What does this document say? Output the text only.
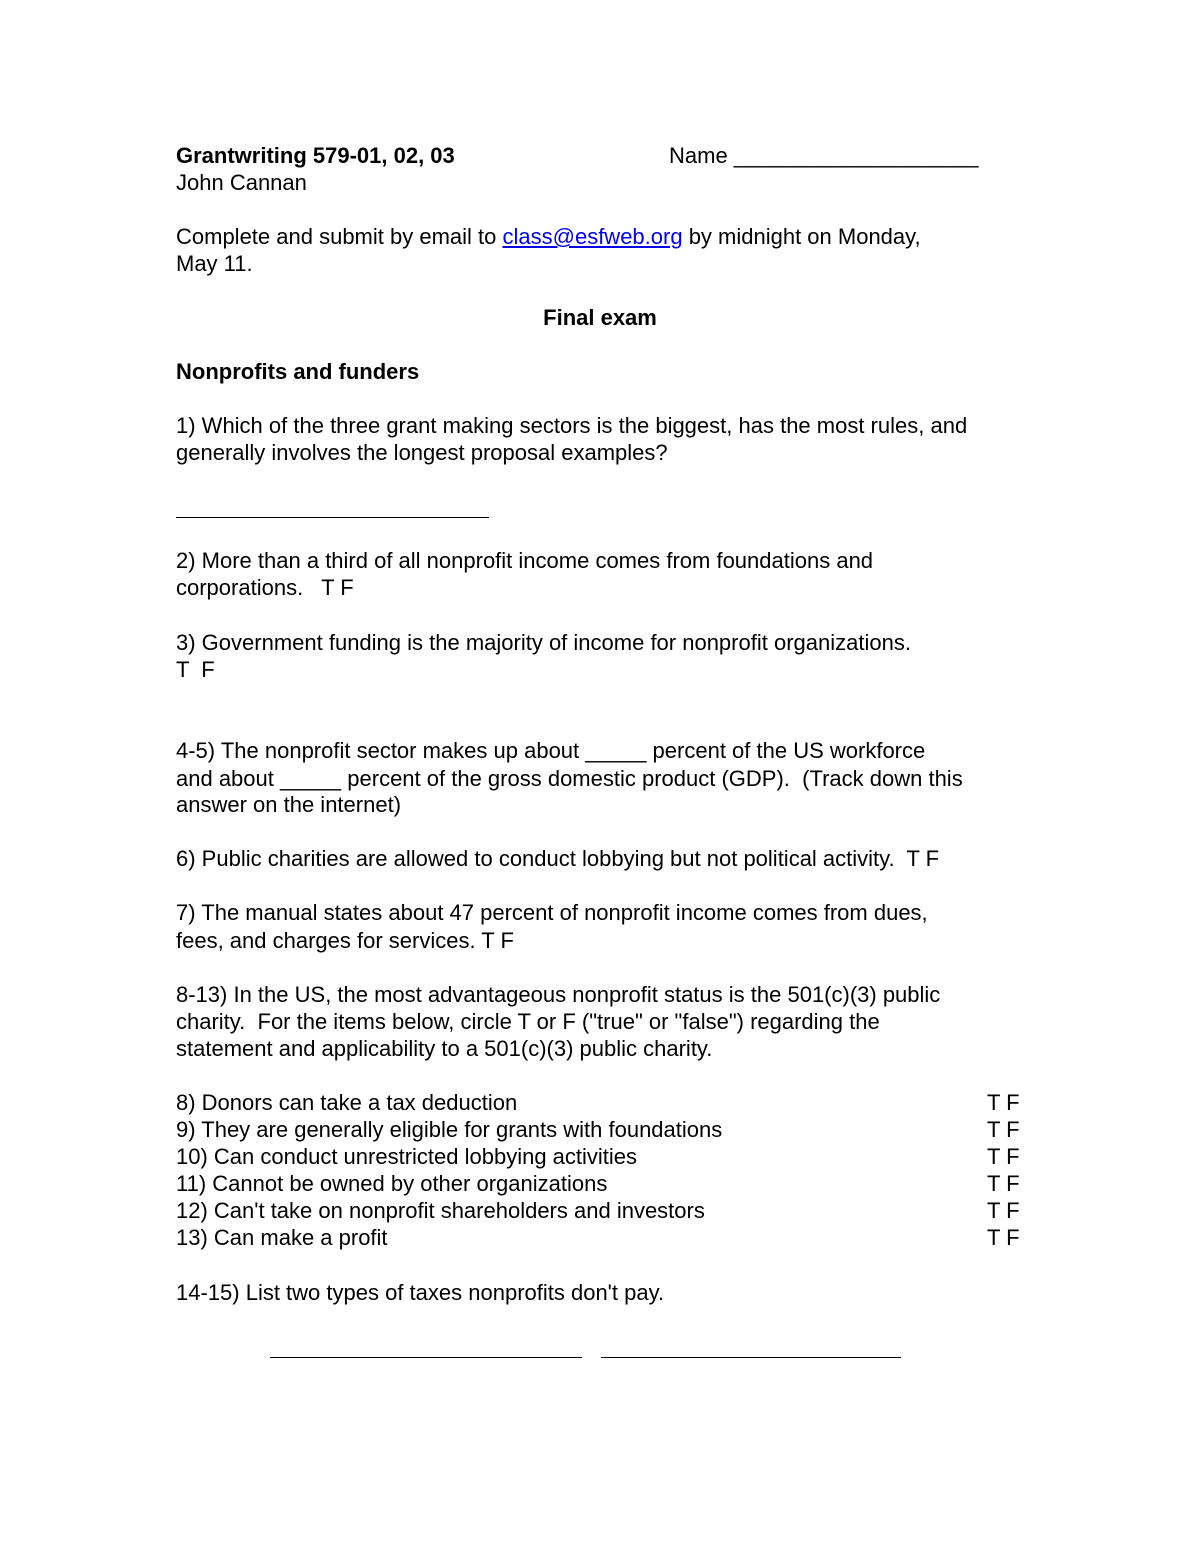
Grantwriting 579-01, 02, 03	Name ____________________
John Cannan
Complete and submit by email to class@esfweb.org by midnight on Monday,
May 11.
Final exam
Nonprofits and funders
1) Which of the three grant making sectors is the biggest, has the most rules, and
generally involves the longest proposal examples?
2) More than a third of all nonprofit income comes from foundations and
corporations.   T F
3) Government funding is the majority of income for nonprofit organizations.
T  F
4-5) The nonprofit sector makes up about _____ percent of the US workforce
and about _____ percent of the gross domestic product (GDP).  (Track down this
answer on the internet)
6) Public charities are allowed to conduct lobbying but not political activity.  T F
7) The manual states about 47 percent of nonprofit income comes from dues,
fees, and charges for services. T F
8-13) In the US, the most advantageous nonprofit status is the 501(c)(3) public
charity.  For the items below, circle T or F ("true" or "false") regarding the
statement and applicability to a 501(c)(3) public charity.
8) Donors can take a tax deduction	T F
9) They are generally eligible for grants with foundations	T F
10) Can conduct unrestricted lobbying activities	T F
11) Cannot be owned by other organizations	T F
12) Can't take on nonprofit shareholders and investors	T F
13) Can make a profit	T F
14-15) List two types of taxes nonprofits don't pay.
